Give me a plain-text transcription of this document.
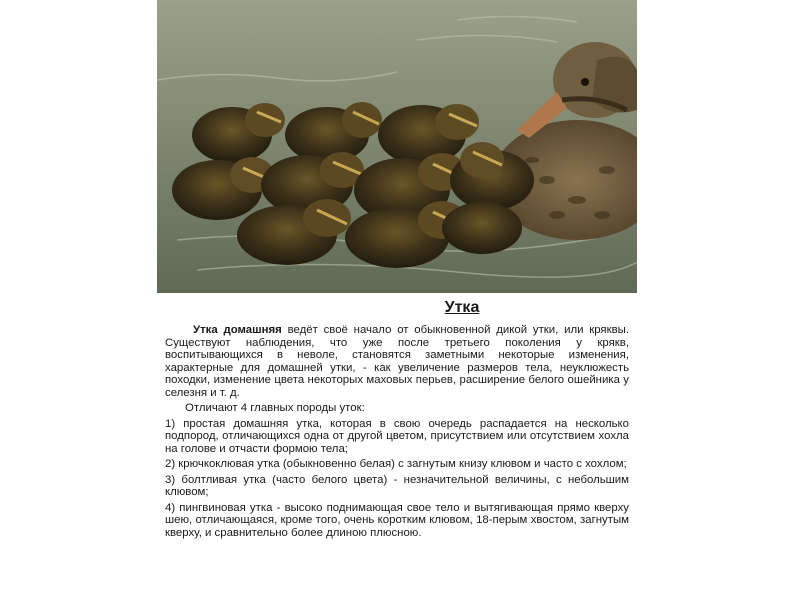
Утка

Утка домашняя ведёт своё начало от обыкновенной дикой утки, или кряквы. Существуют наблюдения, что уже после третьего поколения у крякв, воспитывающихся в неволе, становятся заметными некоторые изменения, характерные для домашней утки, - как увеличение размеров тела, неуклюжесть походки, изменение цвета некоторых маховых перьев, расширение белого ошейника у селезня и т. д.

Отличают 4 главных породы уток:

1) простая домашняя утка, которая в свою очередь распадается на несколько подпород, отличающихся одна от другой цветом, присутствием или отсутствием хохла на голове и отчасти формою тела;

2) крючкоклювая утка (обыкновенно белая) с загнутым книзу клювом и часто с хохлом;

3) болтливая утка (часто белого цвета) - незначительной величины, с небольшим клювом;

4) пингвиновая утка - высоко поднимающая свое тело и вытягивающая прямо кверху шею, отличающаяся, кроме того, очень коротким клювом, 18-перым хвостом, загнутым кверху, и сравнительно более длиною плюсною.
